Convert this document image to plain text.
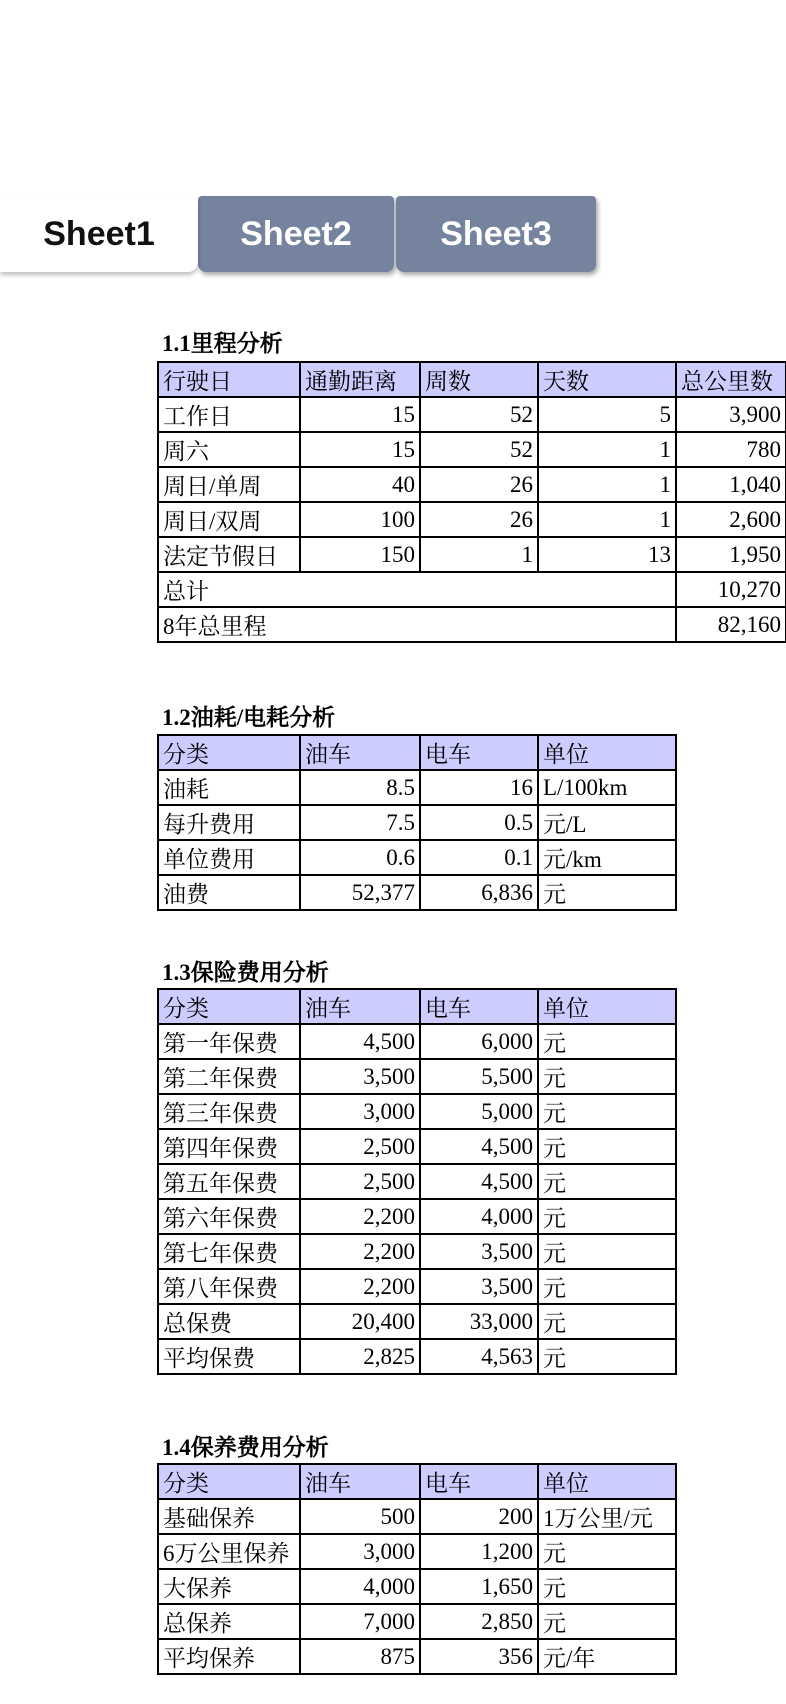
Sheet1	Sheet2	Sheet3
1.1里程分析
行驶日	通勤距离	周数	天数	总公里数
工作日	15	52	5	3,900
周六	15	52	1	780
周日/单周	40	26	1	1,040
周日/双周	100	26	1	2,600
法定节假日	150	1	13	1,950
总计				10,270
8年总里程				82,160
1.2油耗/电耗分析
分类	油车	电车	单位
油耗	8.5	16	L/100km
每升费用	7.5	0.5	元/L
单位费用	0.6	0.1	元/km
油费	52,377	6,836	元
1.3保险费用分析
分类	油车	电车	单位
第一年保费	4,500	6,000	元
第二年保费	3,500	5,500	元
第三年保费	3,000	5,000	元
第四年保费	2,500	4,500	元
第五年保费	2,500	4,500	元
第六年保费	2,200	4,000	元
第七年保费	2,200	3,500	元
第八年保费	2,200	3,500	元
总保费	20,400	33,000	元
平均保费	2,825	4,563	元
1.4保养费用分析
分类	油车	电车	单位
基础保养	500	200	1万公里/元
6万公里保养	3,000	1,200	元
大保养	4,000	1,650	元
总保养	7,000	2,850	元
平均保养	875	356	元/年
